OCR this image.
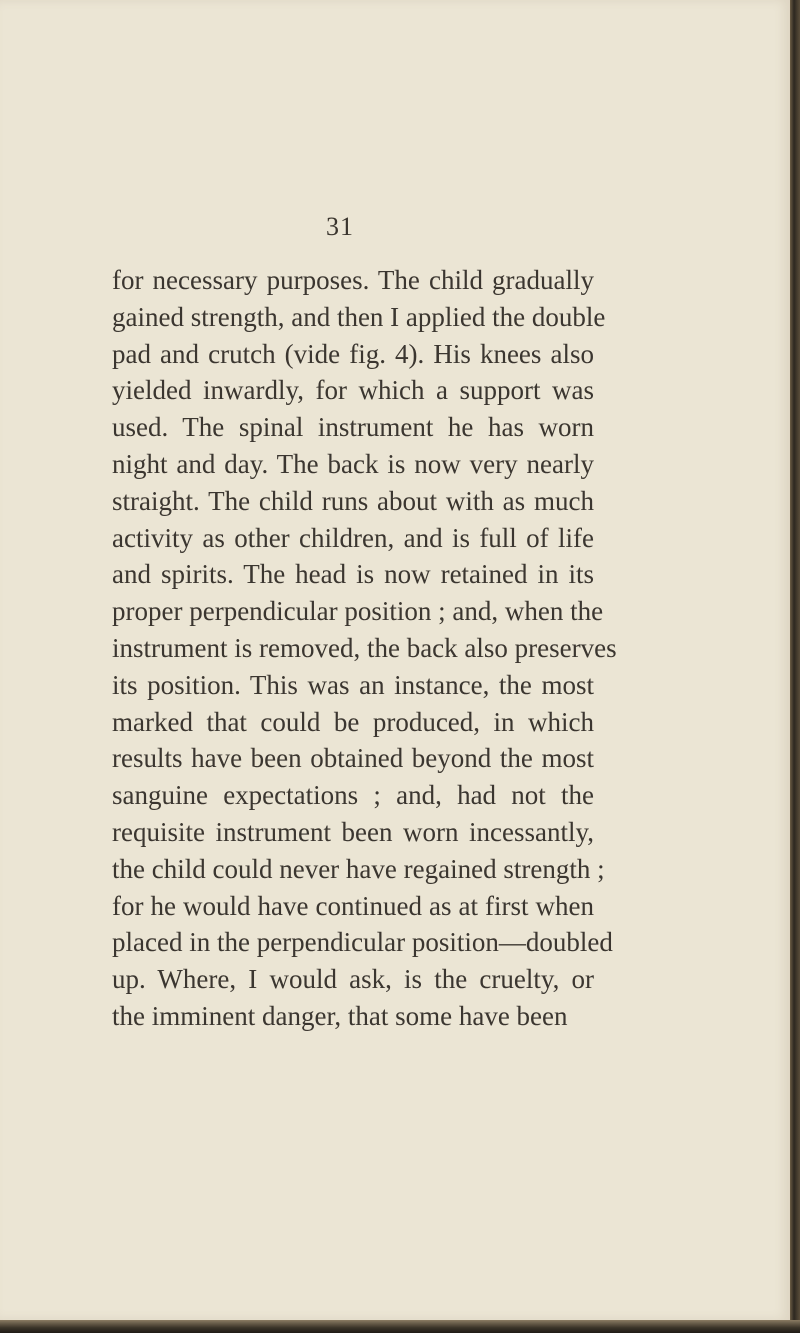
31
for necessary purposes. The child gradually
gained strength, and then I applied the double
pad and crutch (vide fig. 4). His knees also
yielded inwardly, for which a support was
used. The spinal instrument he has worn
night and day. The back is now very nearly
straight. The child runs about with as much
activity as other children, and is full of life
and spirits. The head is now retained in its
proper perpendicular position ; and, when the
instrument is removed, the back also preserves
its position. This was an instance, the most
marked that could be produced, in which
results have been obtained beyond the most
sanguine expectations ; and, had not the
requisite instrument been worn incessantly,
the child could never have regained strength ;
for he would have continued as at first when
placed in the perpendicular position—doubled
up. Where, I would ask, is the cruelty, or
the imminent danger, that some have been
